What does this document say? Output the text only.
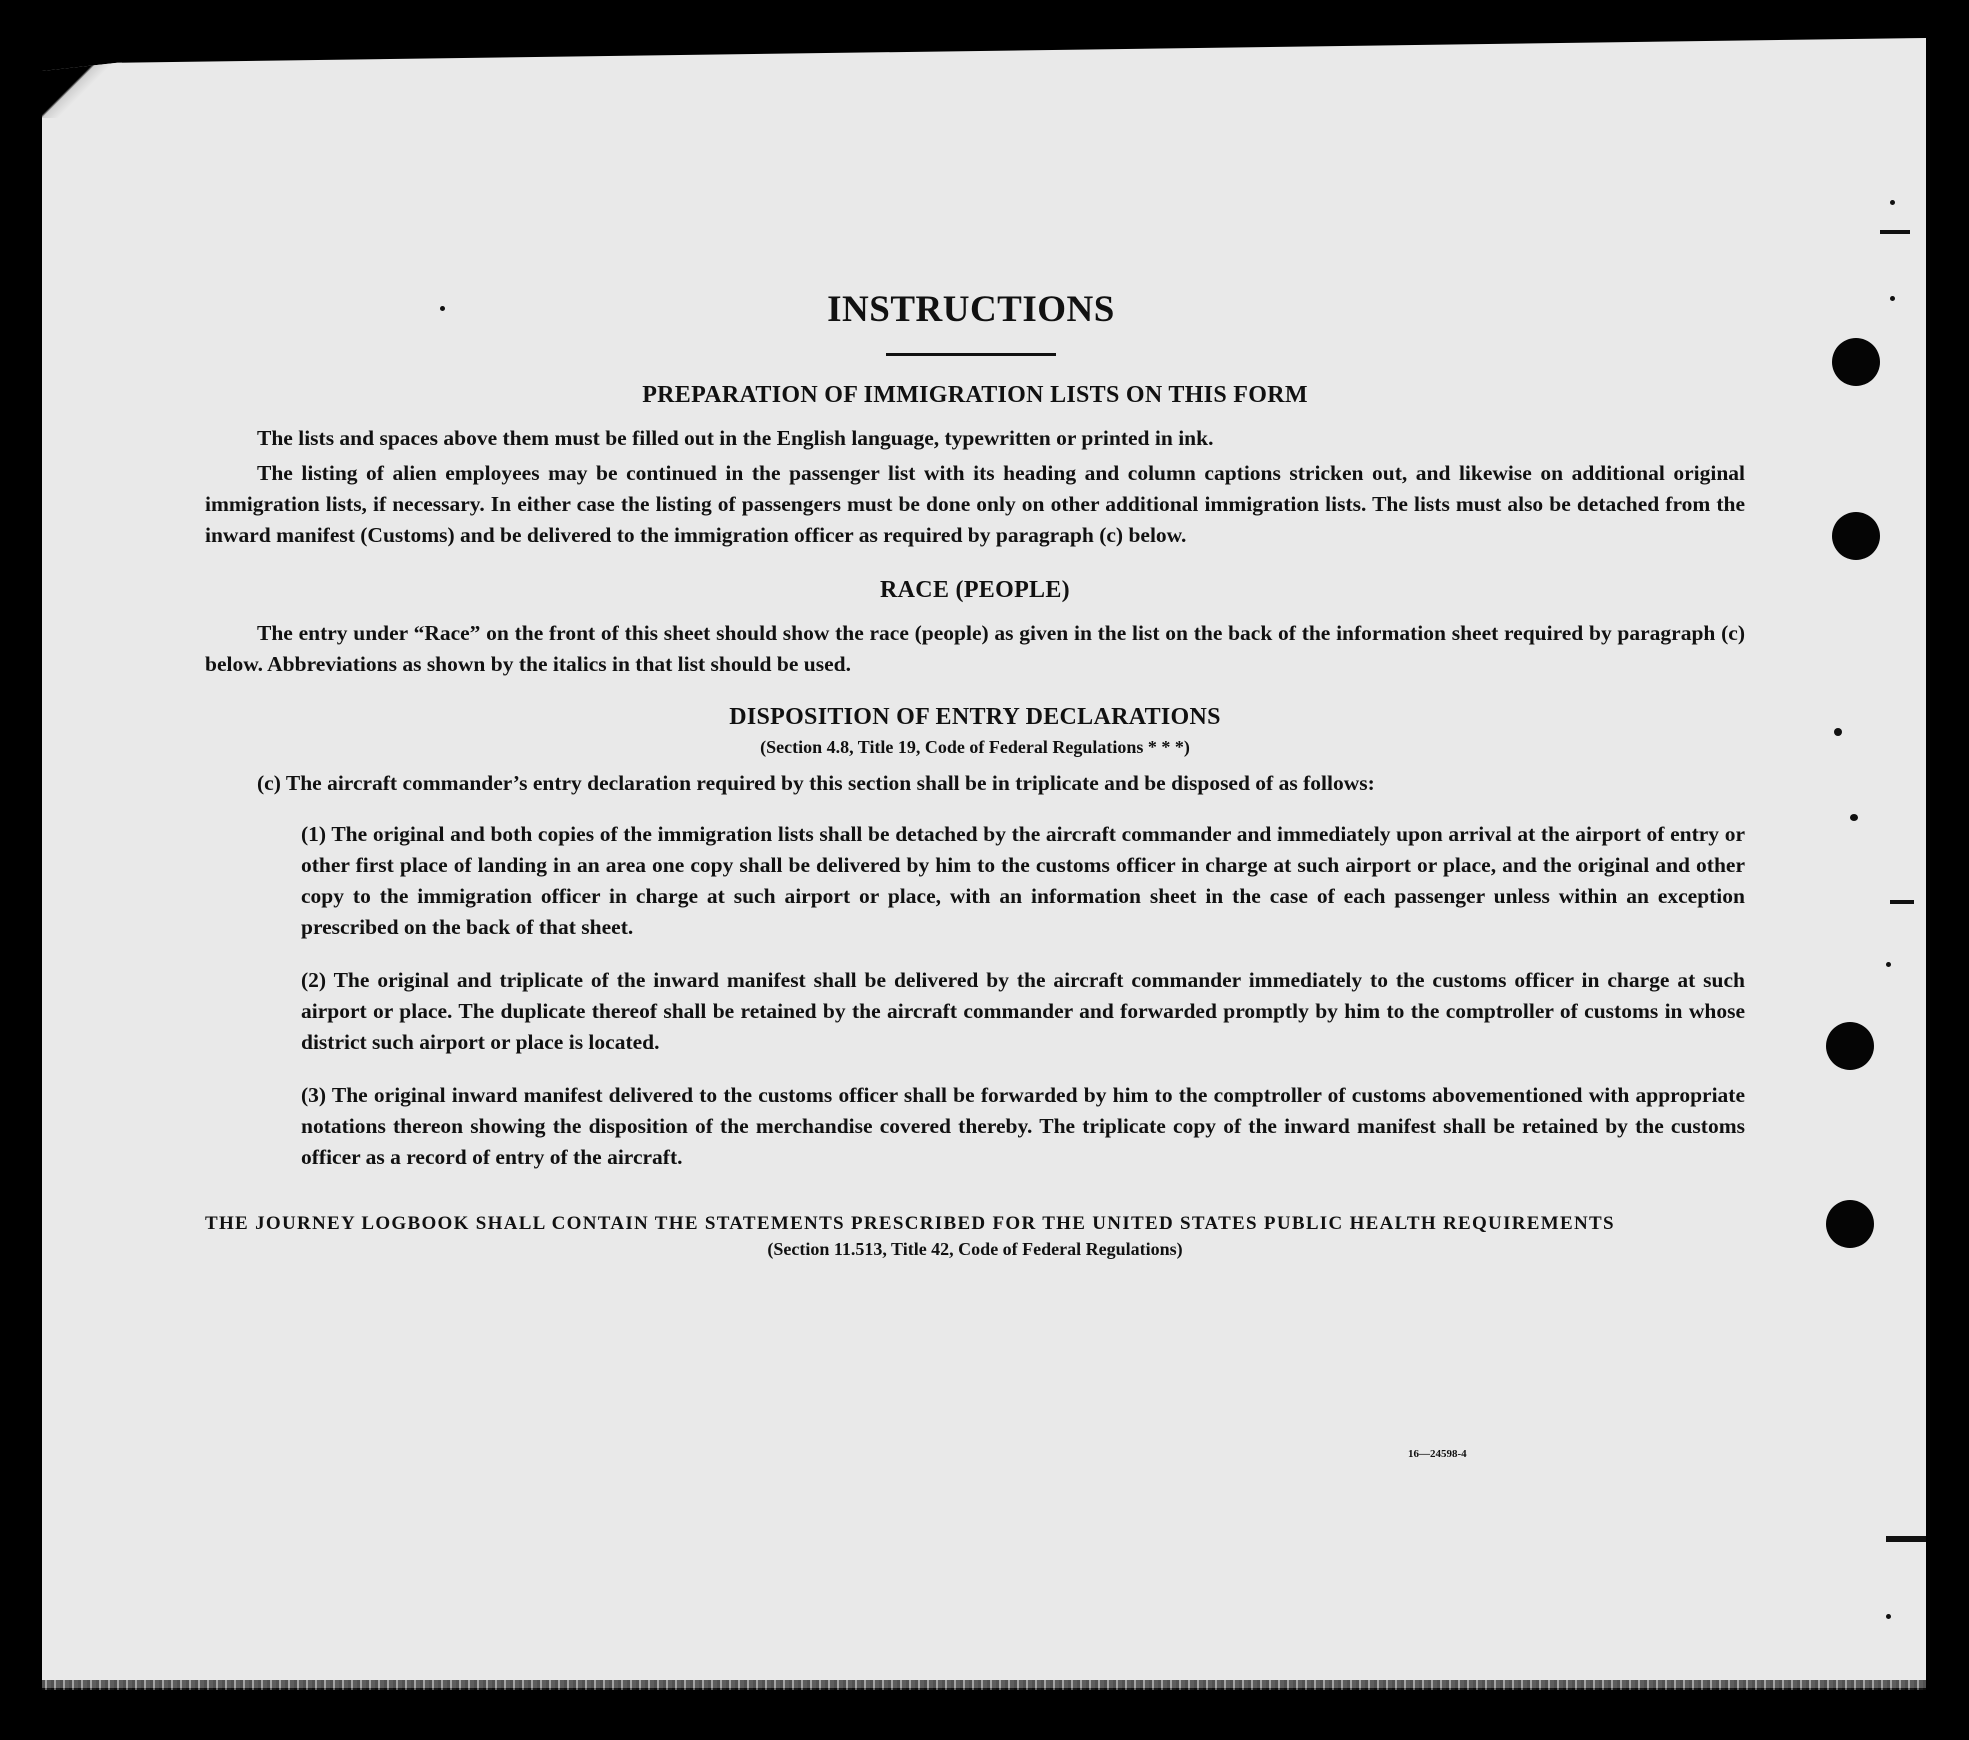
INSTRUCTIONS
PREPARATION OF IMMIGRATION LISTS ON THIS FORM

The lists and spaces above them must be filled out in the English language, typewritten or printed in ink.

The listing of alien employees may be continued in the passenger list with its heading and column captions stricken out, and likewise on additional original immigration lists, if necessary. In either case the listing of passengers must be done only on other additional immigration lists. The lists must also be detached from the inward manifest (Customs) and be delivered to the immigration officer as required by paragraph (c) below.

RACE (PEOPLE)

The entry under “Race” on the front of this sheet should show the race (people) as given in the list on the back of the information sheet required by paragraph (c) below. Abbreviations as shown by the italics in that list should be used.

DISPOSITION OF ENTRY DECLARATIONS
(Section 4.8, Title 19, Code of Federal Regulations * * *)

(c) The aircraft commander’s entry declaration required by this section shall be in triplicate and be disposed of as follows:

(1) The original and both copies of the immigration lists shall be detached by the aircraft commander and immediately upon arrival at the airport of entry or other first place of landing in an area one copy shall be delivered by him to the customs officer in charge at such airport or place, and the original and other copy to the immigration officer in charge at such airport or place, with an information sheet in the case of each passenger unless within an exception prescribed on the back of that sheet.

(2) The original and triplicate of the inward manifest shall be delivered by the aircraft commander immediately to the customs officer in charge at such airport or place. The duplicate thereof shall be retained by the aircraft commander and forwarded promptly by him to the comptroller of customs in whose district such airport or place is located.

(3) The original inward manifest delivered to the customs officer shall be forwarded by him to the comptroller of customs abovementioned with appropriate notations thereon showing the disposition of the merchandise covered thereby. The triplicate copy of the inward manifest shall be retained by the customs officer as a record of entry of the aircraft.

THE JOURNEY LOGBOOK SHALL CONTAIN THE STATEMENTS PRESCRIBED FOR THE UNITED STATES PUBLIC HEALTH REQUIREMENTS
(Section 11.513, Title 42, Code of Federal Regulations)
16—24598-4
